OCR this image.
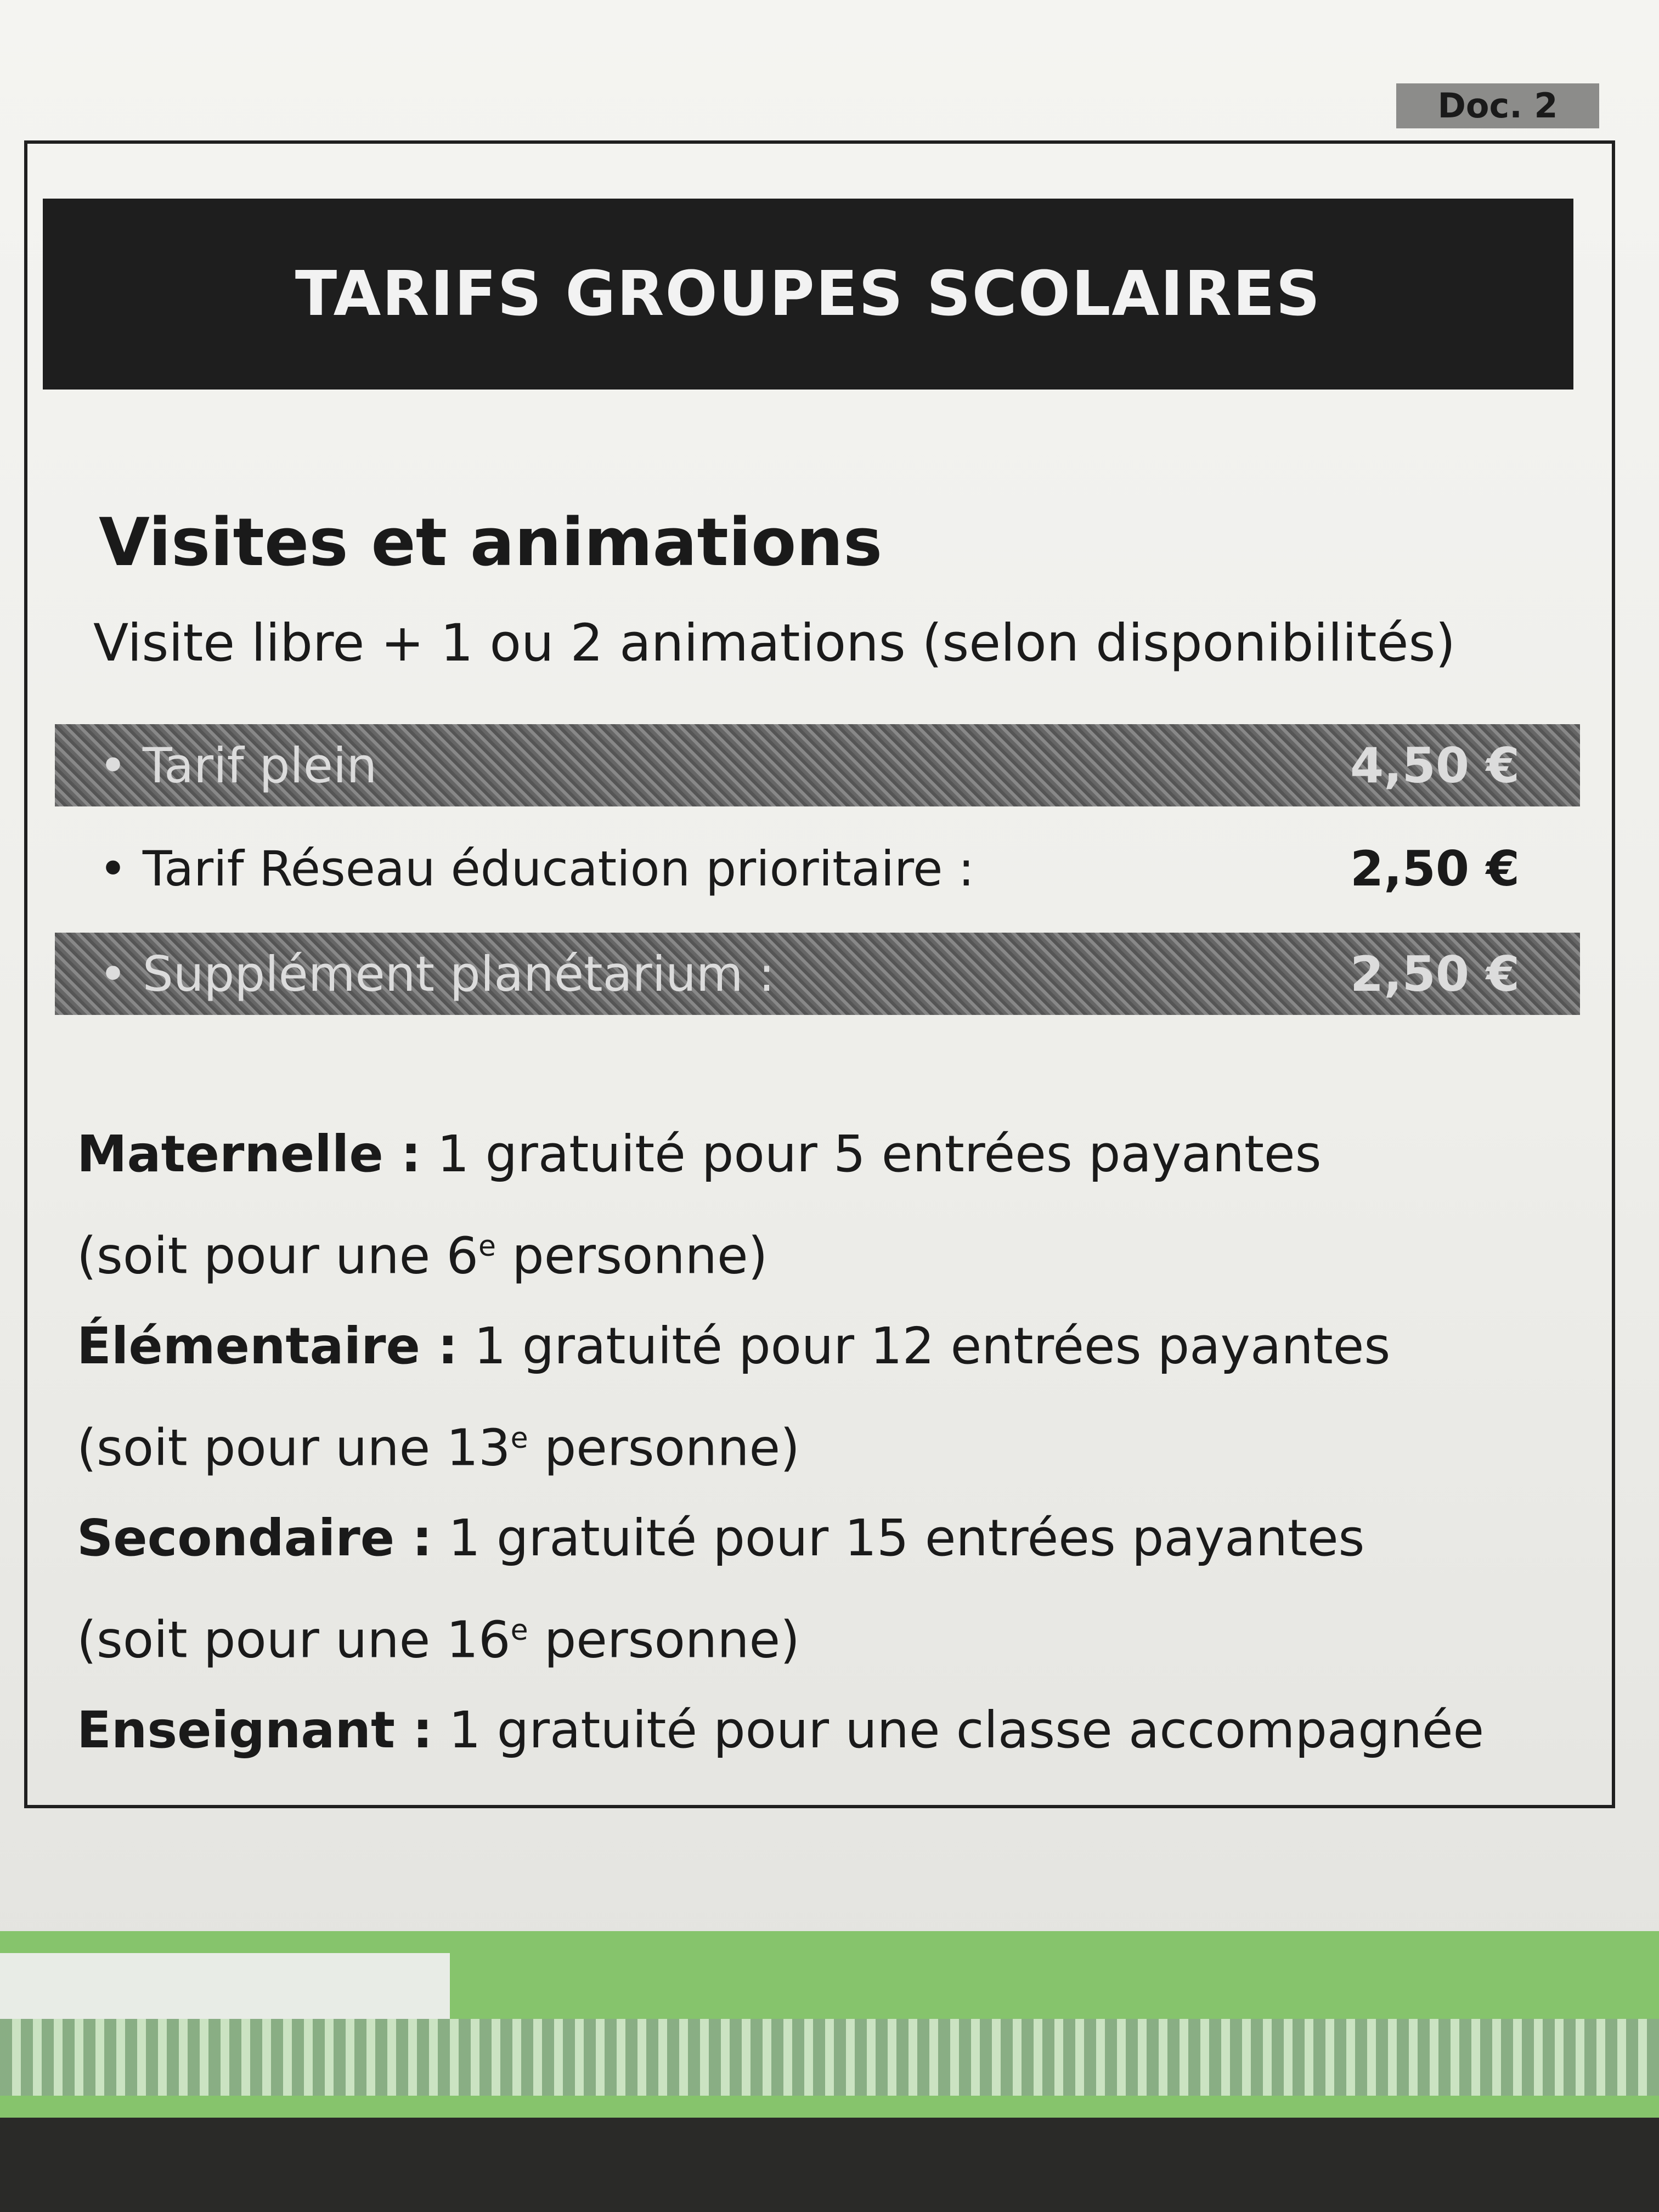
Doc. 2
TARIFS GROUPES SCOLAIRES
Visites et animations
Visite libre + 1 ou 2 animations (selon disponibilités)
• Tarif plein	4,50 €
• Tarif Réseau éducation prioritaire :	2,50 €
• Supplément planétarium :	2,50 €

Maternelle : 1 gratuité pour 5 entrées payantes

(soit pour une 6e personne)

Élémentaire : 1 gratuité pour 12 entrées payantes

(soit pour une 13e personne)

Secondaire : 1 gratuité pour 15 entrées payantes

(soit pour une 16e personne)

Enseignant : 1 gratuité pour une classe accompagnée
